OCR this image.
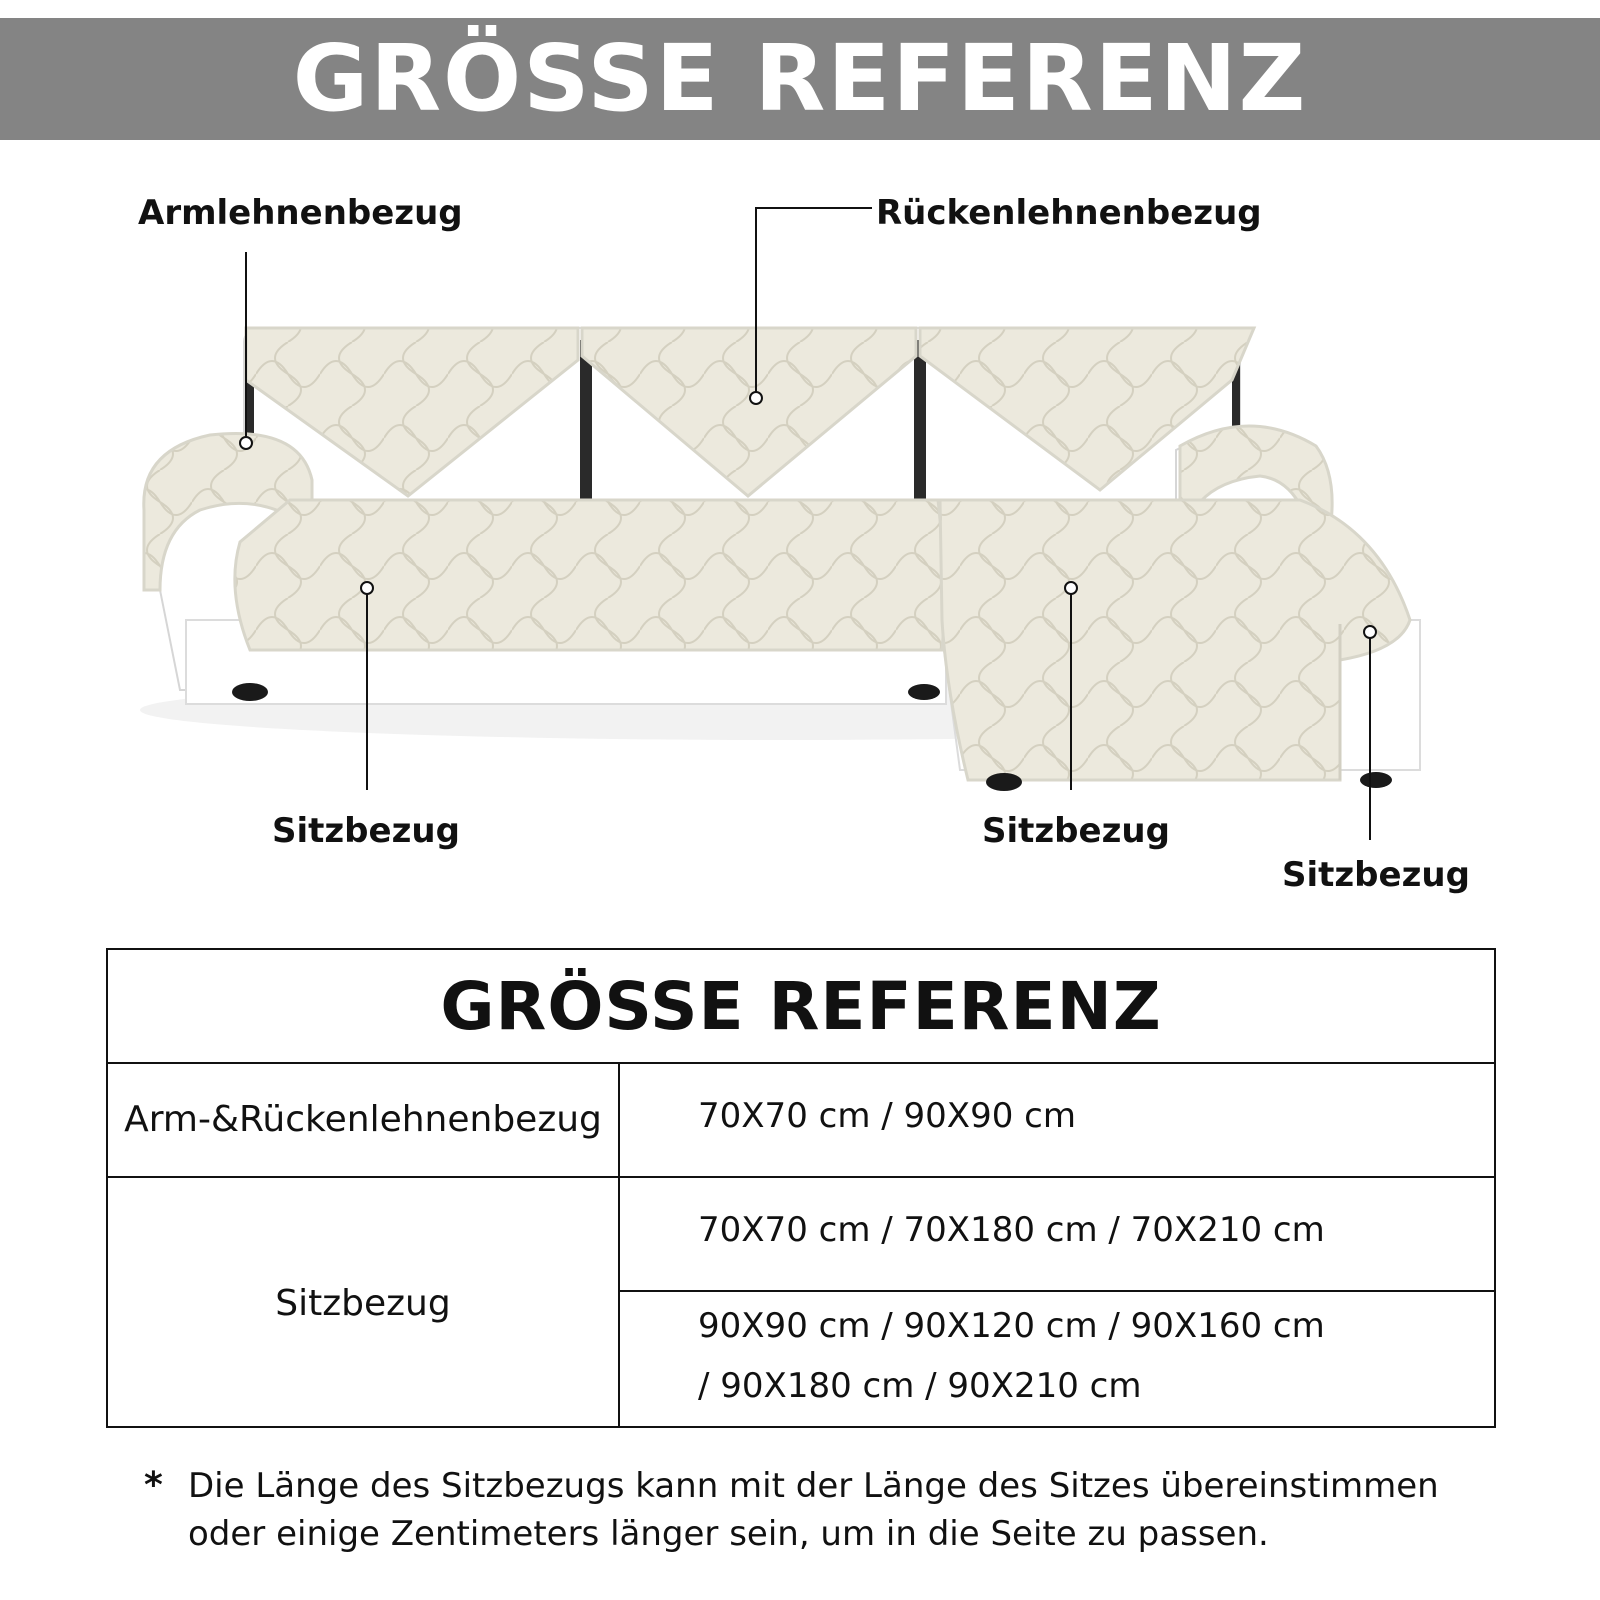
GRÖSSE REFERENZ
Armlehnenbezug	Rückenlehnenbezug
Sitzbezug	Sitzbezug
Sitzbezug
GRÖSSE REFERENZ
Arm-&Rückenlehnenbezug	70X70 cm / 90X90 cm
Sitzbezug
70X70 cm / 70X180 cm / 70X210 cm
90X90 cm / 90X120 cm / 90X160 cm
/ 90X180 cm / 90X210 cm
* Die Länge des Sitzbezugs kann mit der Länge des Sitzes übereinstimmen
oder einige Zentimeters länger sein, um in die Seite zu passen.
